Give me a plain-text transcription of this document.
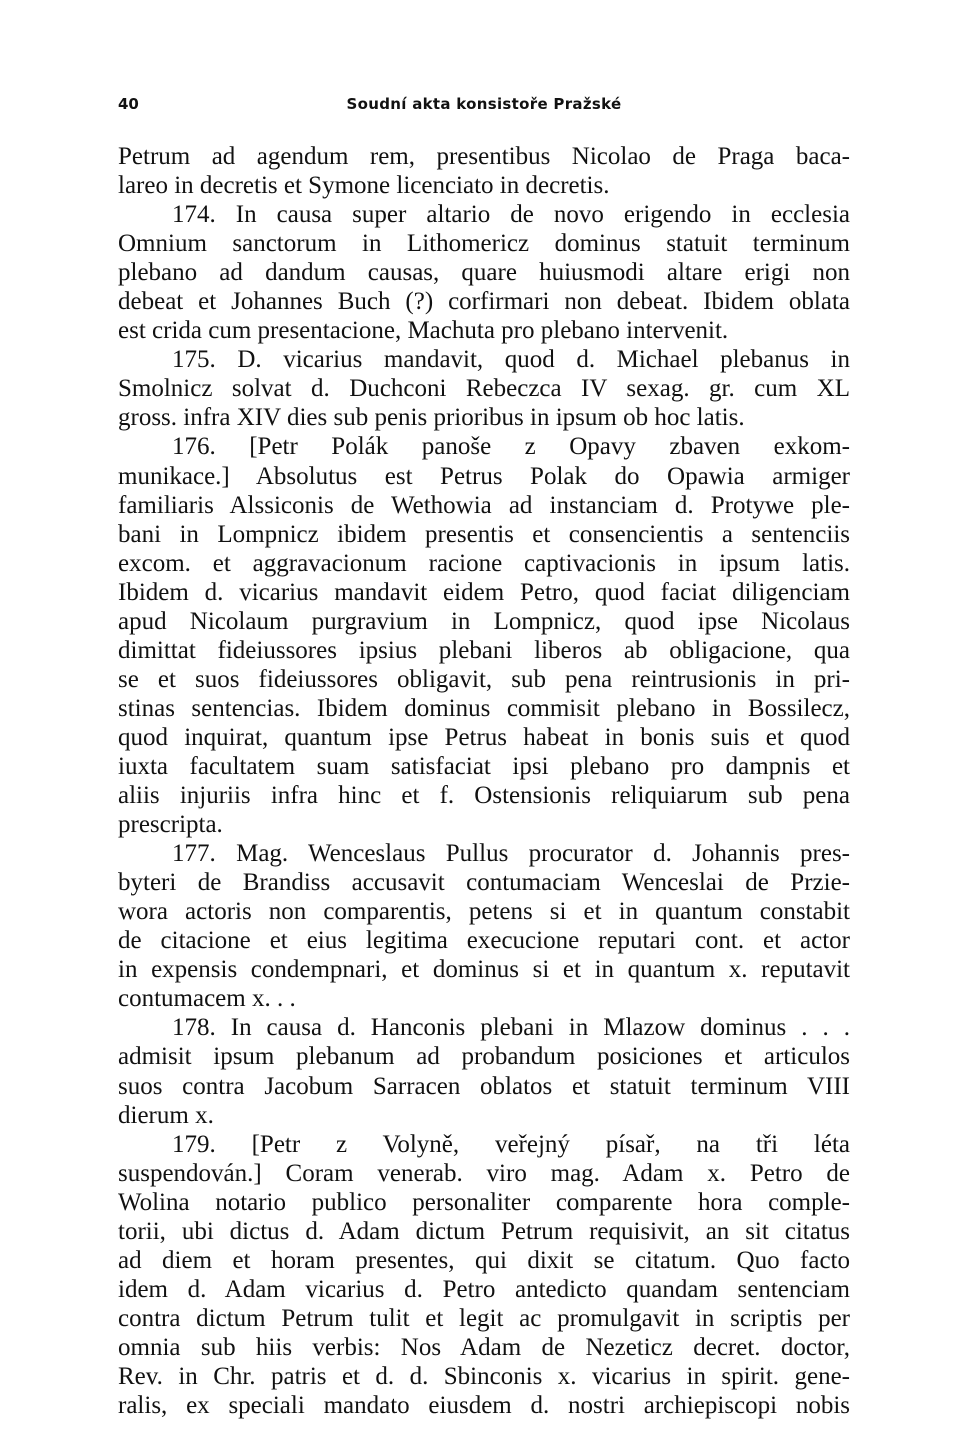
40	Soudní akta konsistoře Pražské
Petrum ad agendum rem, presentibus Nicolao de Praga baca-
lareo in decretis et Symone licenciato in decretis.
174. In causa super altario de novo erigendo in ecclesia
Omnium sanctorum in Lithomericz dominus statuit terminum
plebano ad dandum causas, quare huiusmodi altare erigi non
debeat et Johannes Buch (?) corfirmari non debeat. Ibidem oblata
est crida cum presentacione, Machuta pro plebano intervenit.
175. D. vicarius mandavit, quod d. Michael plebanus in
Smolnicz solvat d. Duchconi Rebeczca IV sexag. gr. cum XL
gross. infra XIV dies sub penis prioribus in ipsum ob hoc latis.
176. [Petr Polák panoše z Opavy zbaven exkom-
munikace.] Absolutus est Petrus Polak do Opawia armiger
familiaris Alssiconis de Wethowia ad instanciam d. Protywe ple-
bani in Lompnicz ibidem presentis et consencientis a sentenciis
excom. et aggravacionum racione captivacionis in ipsum latis.
Ibidem d. vicarius mandavit eidem Petro, quod faciat diligenciam
apud Nicolaum purgravium in Lompnicz, quod ipse Nicolaus
dimittat fideiussores ipsius plebani liberos ab obligacione, qua
se et suos fideiussores obligavit, sub pena reintrusionis in pri-
stinas sentencias. Ibidem dominus commisit plebano in Bossilecz,
quod inquirat, quantum ipse Petrus habeat in bonis suis et quod
iuxta facultatem suam satisfaciat ipsi plebano pro dampnis et
aliis injuriis infra hinc et f. Ostensionis reliquiarum sub pena
prescripta.
177. Mag. Wenceslaus Pullus procurator d. Johannis pres-
byteri de Brandiss accusavit contumaciam Wenceslai de Przie-
wora actoris non comparentis, petens si et in quantum constabit
de citacione et eius legitima execucione reputari cont. et actor
in expensis condempnari, et dominus si et in quantum x. reputavit
contumacem x. . .
178. In causa d. Hanconis plebani in Mlazow dominus . . .
admisit ipsum plebanum ad probandum posiciones et articulos
suos contra Jacobum Sarracen oblatos et statuit terminum VIII
dierum x.
179. [Petr z Volyně, veřejný písař, na tři léta
suspendován.] Coram venerab. viro mag. Adam x. Petro de
Wolina notario publico personaliter comparente hora comple-
torii, ubi dictus d. Adam dictum Petrum requisivit, an sit citatus
ad diem et horam presentes, qui dixit se citatum. Quo facto
idem d. Adam vicarius d. Petro antedicto quandam sentenciam
contra dictum Petrum tulit et legit ac promulgavit in scriptis per
omnia sub hiis verbis: Nos Adam de Nezeticz decret. doctor,
Rev. in Chr. patris et d. d. Sbinconis x. vicarius in spirit. gene-
ralis, ex speciali mandato eiusdem d. nostri archiepiscopi nobis
